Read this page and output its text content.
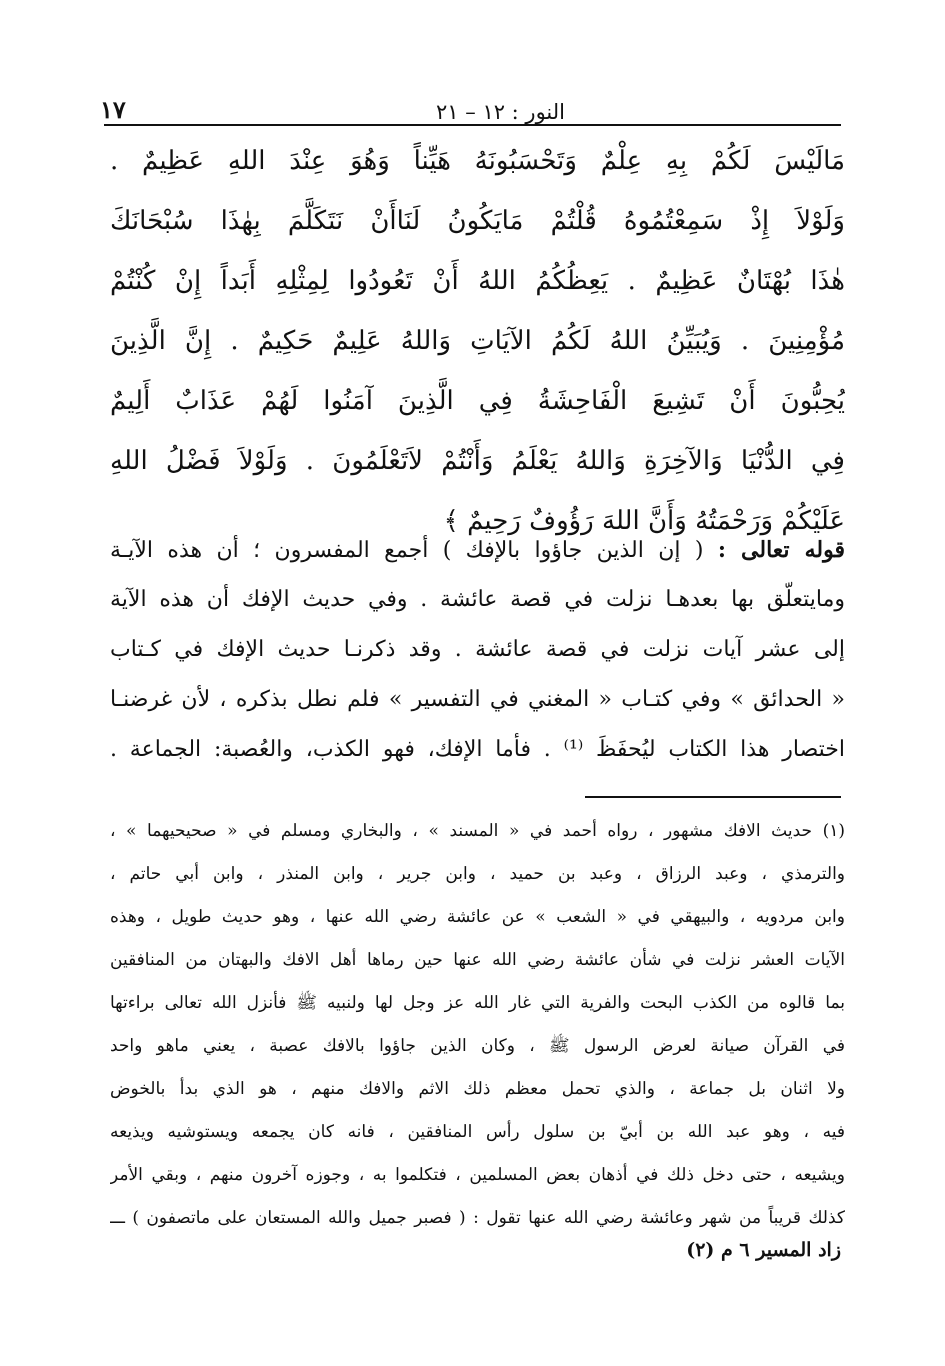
١٧	النور : ١٢ – ٢١
مَالَيْسَ لَكُمْ بِهِ عِلْمٌ وَتَحْسَبُونَهُ هَيِّناً وَهُوَ عِنْدَ اللهِ عَظِيمٌ .
وَلَوْلاَ إِذْ سَمِعْتُمُوهُ قُلْتُمْ مَايَكُونُ لَنَاأَنْ نَتَكَلَّمَ بِهٰذَا سُبْحَانَكَ
هٰذَا بُهْتَانٌ عَظِيمٌ . يَعِظُكُمُ اللهُ أَنْ تَعُودُوا لِمِثْلِهِ أَبَداً إِنْ كُنْتُمْ
مُؤْمِنِينَ . وَيُبَيِّنُ اللهُ لَكُمُ الآيَاتِ وَاللهُ عَلِيمٌ حَكِيمٌ . إِنَّ الَّذِينَ
يُحِبُّونَ أَنْ تَشِيعَ الْفَاحِشَةُ فِي الَّذِينَ آمَنُوا لَهُمْ عَذَابٌ أَلِيمٌ
فِي الدُّنْيَا وَالآخِرَةِ وَاللهُ يَعْلَمُ وَأَنْتُمْ لاَتَعْلَمُونَ . وَلَوْلاَ فَضْلُ اللهِ
عَلَيْكُمْ وَرَحْمَتُهُ وَأَنَّ اللهَ رَؤُوفٌ رَحِيمٌ ﴾
قوله تعالى : ( إن الذين جاؤوا بالإفك ) أجمع المفسرون ؛ أن هذه الآيـة
ومايتعلّق بها بعدهـا نزلت في قصة عائشة . وفي حديث الإفك أن هذه الآية
إلى عشر آيات نزلت في قصة عائشة . وقد ذكرنـا حديث الإفك في كـتاب
« الحدائق » وفي كتـاب « المغني في التفسير » فلم نطل بذكره ، لأن غرضنـا
اختصار هذا الكتاب ليُحفَظَ ⁽¹⁾ . فأما الإفك، فهو الكذب، والعُصبة: الجماعة .
(١) حديث الافك مشهور ، رواه أحمد في « المسند » ، والبخاري ومسلم في « صحيحيهما » ،
والترمذي ، وعبد الرزاق ، وعبد بن حميد ، وابن جرير ، وابن المنذر ، وابن أبي حاتم ،
وابن مردويه ، والبيهقي في « الشعب » عن عائشة رضي الله عنها ، وهو حديث طويل ، وهذه
الآيات العشر نزلت في شأن عائشة رضي الله عنها حين رماها أهل الافك والبهتان من المنافقين
بما قالوه من الكذب البحت والفرية التي غار الله عز وجل لها ولنبيه ﷺ فأنزل الله تعالى براءتها
في القرآن صيانة لعرض الرسول ﷺ ، وكان الذين جاؤوا بالافك عصبة ، يعني ماهو واحد
ولا اثنان بل جماعة ، والذي تحمل معظم ذلك الاثم والافك منهم ، هو الذي بدأ بالخوض
فيه ، وهو عبد الله بن أبيّ بن سلول رأس المنافقين ، فانه كان يجمعه ويستوشيه ويذيعه
ويشيعه ، حتى دخل ذلك في أذهان بعض المسلمين ، فتكلموا به ، وجوزه آخرون منهم ، وبقي الأمر
كذلك قريباً من شهر وعائشة رضي الله عنها تقول : ( فصبر جميل والله المستعان على ماتصفون ) ـــ
زاد المسير ٦ م (٢)
